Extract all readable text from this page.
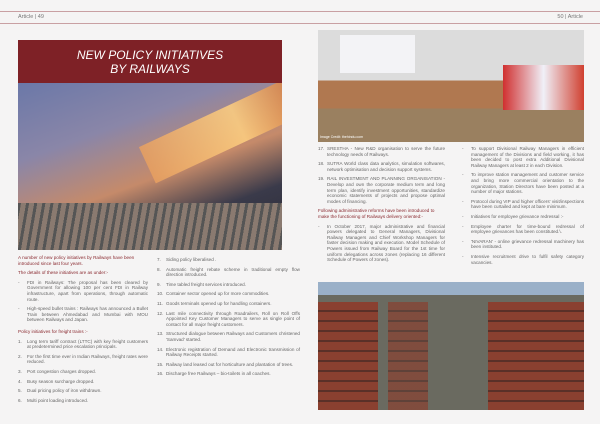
Article | 49	50 | Article
NEW POLICY INITIATIVES
BY RAILWAYS

A number of new policy initiatives by Railways have been introduced since last four years.

The details of these initiatives are as under:-

-	FDI in Railways: The proposal has been cleared by Government for allowing 100 per cent FDI in Railway infrastructure, apart from operations, through automatic route.
-	High-speed bullet trains : Railways has announced a Bullet Train between Ahmedabad and Mumbai with MOU between Railways and Japan.

Policy initiatives for freight trains :-

1.	Long term tariff contract (LTTC) with key freight customers at predetermined price escalation principals.
2.	For the first time ever in Indian Railways, freight rates were reduced.
3.	Port congestion charges dropped.
4.	Busy season surcharge dropped.
5.	Dual pricing policy of iron withdrawn.
6.	Multi point loading introduced.
7.	Siding policy liberalised .
8.	Automatic freight rebate scheme in traditional empty flow direction introduced.
9.	Time tabled freight services introduced.
10. Container sector opened up for more commodities.
11. Goods terminals opened up for handling containers.
12. Last mile connectivity through Roadrailers, Roll on Roll Offs Appointed Key Customer Managers to serve as single point of contact for all major freight customers.
13. Structured dialogue between Railways and Customers christened 'Samvad' started.
14. Electronic registration of Demand and Electronic transmission of Railway Receipts started.
15. Railway land leased out for horticulture and plantation of trees.
16. Discharge free Railways – bio-toilets in all coaches.
Image Credit: thehindu.com
17. SRESTHA - New R&D organisation to serve the future technology needs of Railways.
18. SUTRA World class data analytics, simulation softwares, network optimisation and decision support systems.
19. RAIL INVESTMENT AND PLANNING ORGANISATION - Develop and own the corporate medium term and long term plan, identify investment opportunities, standardize economic statements of projects and propose optimal modes of financing.

Following administrative reforms have been introduced to make the functioning of Railways delivery oriented:-

-	In October 2017, major administrative and financial powers delegated to General Managers, Divisional Railway Managers and Chief Workshop Managers for faster decision making and execution. Model Schedule of Powers issued from Railway Board for the 1st time for uniform delegations across zones (replacing 16 different Schedule of Powers of zones).
-	To support Divisional Railway Managers in efficient management of the Divisions and field working, it has been decided to post extra Additional Divisional Railway Managers at least 2 in each Division.
-	To improve station management and customer service and bring more commercial orientation to the organization, Station Directors have been posted at a number of major stations.
-	Protocol during VIP and higher officers' visit/inspections have been curtailed and kept at bare minimum.
-	Initiatives for employee grievance redressal :-
-	Employee charter for time-bound redressal of employee grievances has been constituted.\.
-	'NIVARAN' - online grievance redressal machinery has been instituted.
-	Intensive recruitment drive to fulfil safety category vacancies.
